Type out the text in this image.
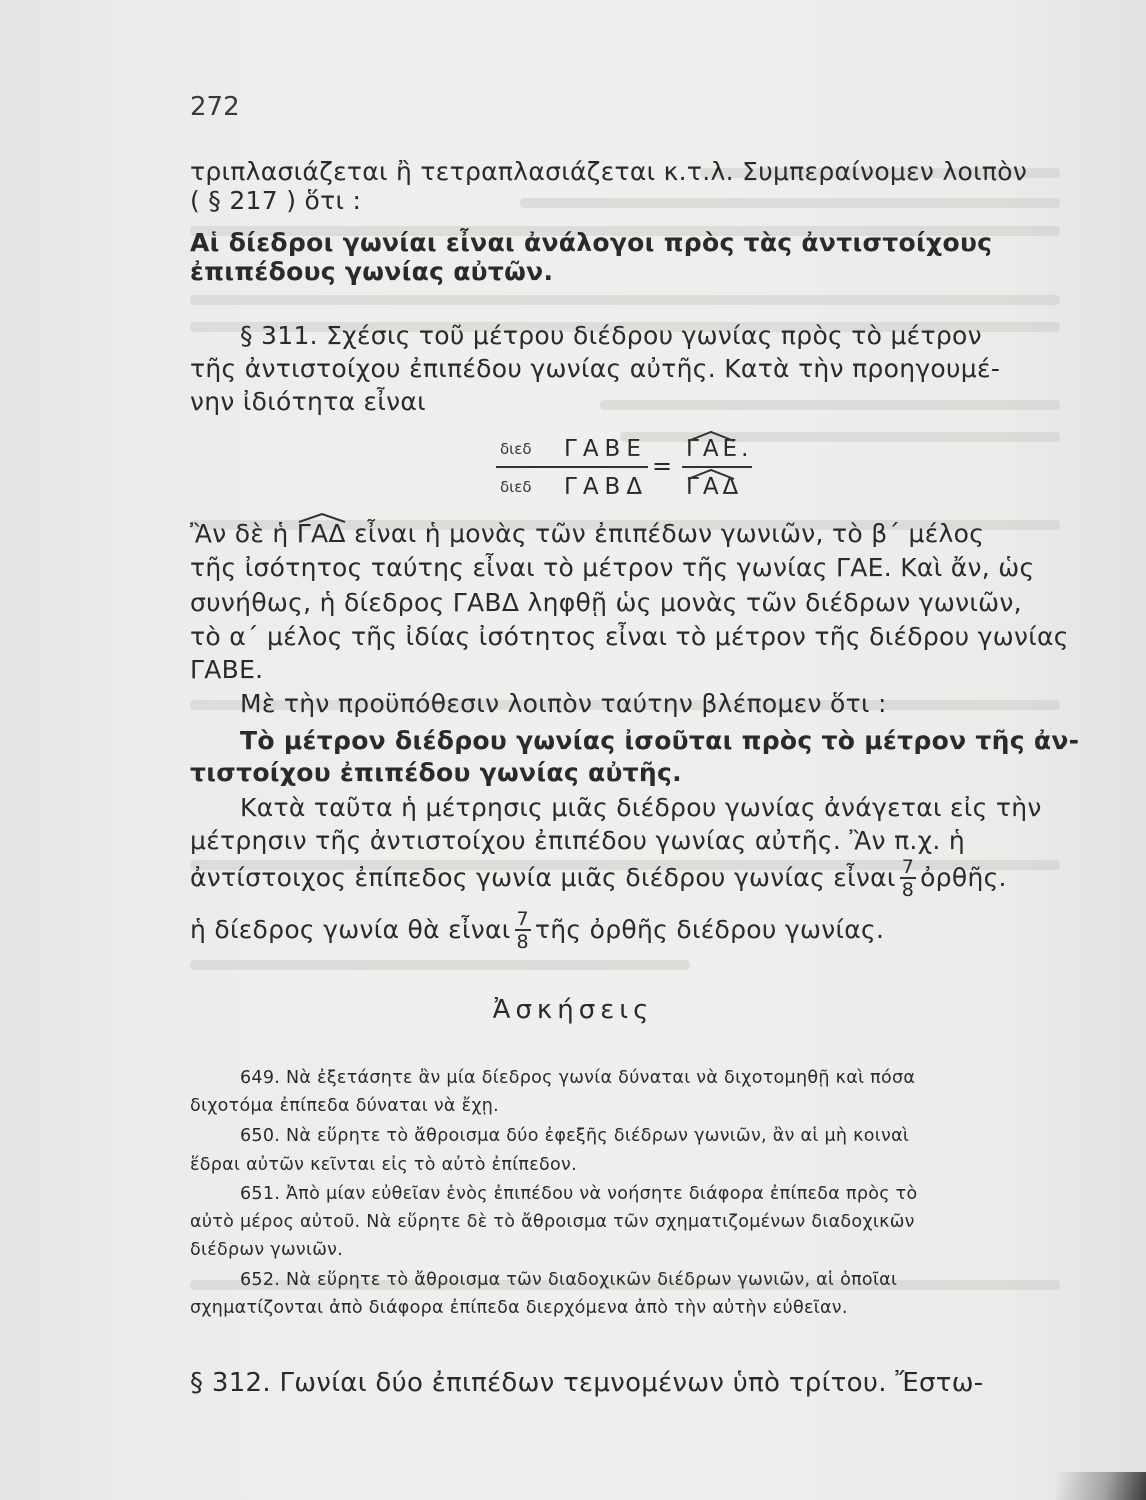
272
τριπλασιάζεται ἢ τετραπλασιάζεται κ.τ.λ. Συμπεραίνομεν λοιπὸν
( § 217 ) ὅτι :
Αἱ δίεδροι γωνίαι εἶναι ἀνάλογοι πρὸς τὰς ἀντιστοίχους
ἐπιπέδους γωνίας αὐτῶν.
§ 311. Σχέσις τοῦ μέτρου διέδρου γωνίας πρὸς τὸ μέτρον
τῆς ἀντιστοίχου ἐπιπέδου γωνίας αὐτῆς. Κατὰ τὴν προηγουμέ-
νην ἰδιότητα εἶναι
διεδ ΓΑΒΕ
διεδ ΓΑΒΔ
=
ΓΑΕ.
ΓΑΔ
Ἂν δὲ ἡ
ΓΑΔ εἶναι ἡ μονὰς τῶν ἐπιπέδων γωνιῶν, τὸ β΄ μέλος
τῆς ἰσότητος ταύτης εἶναι τὸ μέτρον τῆς γωνίας ΓΑΕ. Καὶ ἄν, ὡς
συνήθως, ἡ δίεδρος ΓΑΒΔ ληφθῇ ὡς μονὰς τῶν διέδρων γωνιῶν,
τὸ α΄ μέλος τῆς ἰδίας ἰσότητος εἶναι τὸ μέτρον τῆς διέδρου γωνίας
ΓΑΒΕ.
Μὲ τὴν προϋπόθεσιν λοιπὸν ταύτην βλέπομεν ὅτι :
Τὸ μέτρον διέδρου γωνίας ἰσοῦται πρὸς τὸ μέτρον τῆς ἀν-
τιστοίχου ἐπιπέδου γωνίας αὐτῆς.
Κατὰ ταῦτα ἡ μέτρησις μιᾶς διέδρου γωνίας ἀνάγεται εἰς τὴν
μέτρησιν τῆς ἀντιστοίχου ἐπιπέδου γωνίας αὐτῆς. Ἂν π.χ. ἡ
ἀντίστοιχος ἐπίπεδος γωνία μιᾶς διέδρου γωνίας εἶναι $\frac{7}{8}$ ὀρθῆς.
ἡ δίεδρος γωνία θὰ εἶναι $\frac{7}{8}$ τῆς ὀρθῆς διέδρου γωνίας.
Ἀσκήσεις
649. Νὰ ἐξετάσητε ἂν μία δίεδρος γωνία δύναται νὰ διχοτομηθῇ καὶ πόσα
διχοτόμα ἐπίπεδα δύναται νὰ ἔχῃ.
650. Νὰ εὕρητε τὸ ἄθροισμα δύο ἐφεξῆς διέδρων γωνιῶν, ἂν αἱ μὴ κοιναὶ
ἕδραι αὐτῶν κεῖνται εἰς τὸ αὐτὸ ἐπίπεδον.
651. Ἀπὸ μίαν εὐθεῖαν ἑνὸς ἐπιπέδου νὰ νοήσητε διάφορα ἐπίπεδα πρὸς τὸ
αὐτὸ μέρος αὐτοῦ. Νὰ εὕρητε δὲ τὸ ἄθροισμα τῶν σχηματιζομένων διαδοχικῶν
διέδρων γωνιῶν.
652. Νὰ εὕρητε τὸ ἄθροισμα τῶν διαδοχικῶν διέδρων γωνιῶν, αἱ ὁποῖαι
σχηματίζονται ἀπὸ διάφορα ἐπίπεδα διερχόμενα ἀπὸ τὴν αὐτὴν εὐθεῖαν.
§ 312. Γωνίαι δύο ἐπιπέδων τεμνομένων ὑπὸ τρίτου. Ἔστω-
